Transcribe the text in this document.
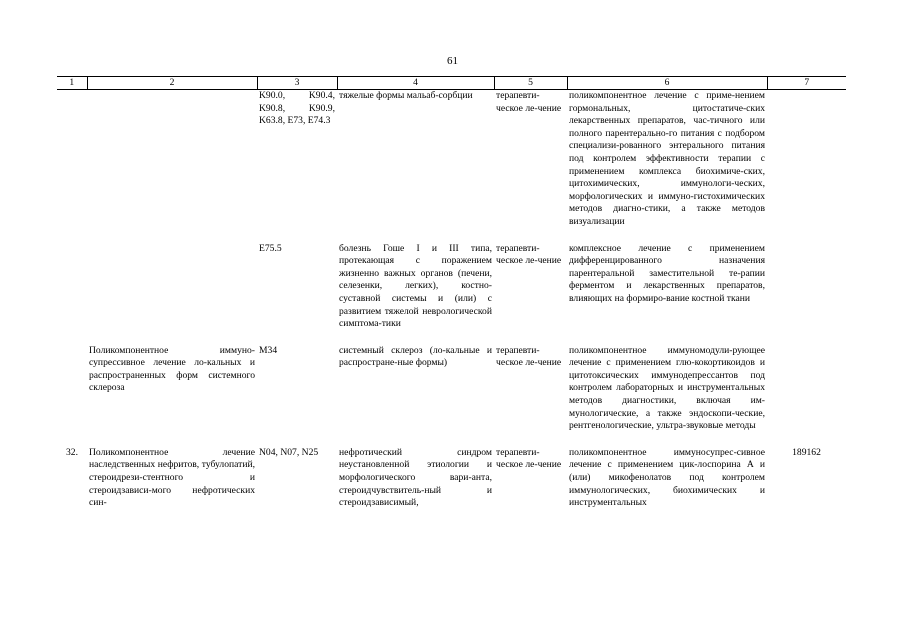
61
1	2	3	4	5	6	7
		K90.0, K90.4, K90.8, K90.9, K63.8, E73, E74.3	тяжелые формы мальаб-сорбции	терапевти-ческое ле-чение	поликомпонентное лечение с приме-нением гормональных, цитостатиче-ских лекарственных препаратов, час-тичного или полного парентерально-го питания с подбором специализи-рованного энтерального питания под контролем эффективности терапии с применением комплекса биохимиче-ских, цитохимических, иммунологи-ческих, морфологических и иммуно-гистохимических методов диагно-стики, а также методов визуализации	

		E75.5	болезнь Гоше I и III типа, протекающая с поражением жизненно важных органов (печени, селезенки, легких), костно-суставной системы и (или) с развитием тяжелой неврологической симптома-тики	терапевти-ческое ле-чение	комплексное лечение с применением дифференцированного назначения парентеральной заместительной те-рапии ферментом и лекарственных препаратов, влияющих на формиро-вание костной ткани	

	Поликомпонентное иммуно-супрессивное лечение ло-кальных и распространенных форм системного склероза	M34	системный склероз (ло-кальные и распростране-ные формы)	терапевти-ческое ле-чение	поликомпонентное иммуномодули-рующее лечение с применением глю-кокортикоидов и цитотоксических иммунодепрессантов под контролем лабораторных и инструментальных методов диагностики, включая им-мунологические, а также эндоскопи-ческие, рентгенологические, ультра-звуковые методы	

32.	Поликомпонентное лечение наследственных нефритов, тубулопатий, стероидрези-стентного и стероидзависи-мого нефротических син-	N04, N07, N25	нефротический синдром неустановленной этиологии и морфологического вари-анта, стероидчувствитель-ный и стероидзависимый,	терапевти-ческое ле-чение	поликомпонентное иммуносупрес-сивное лечение с применением цик-лоспорина А и (или) микофенолатов под контролем иммунологических, биохимических и инструментальных	189162
